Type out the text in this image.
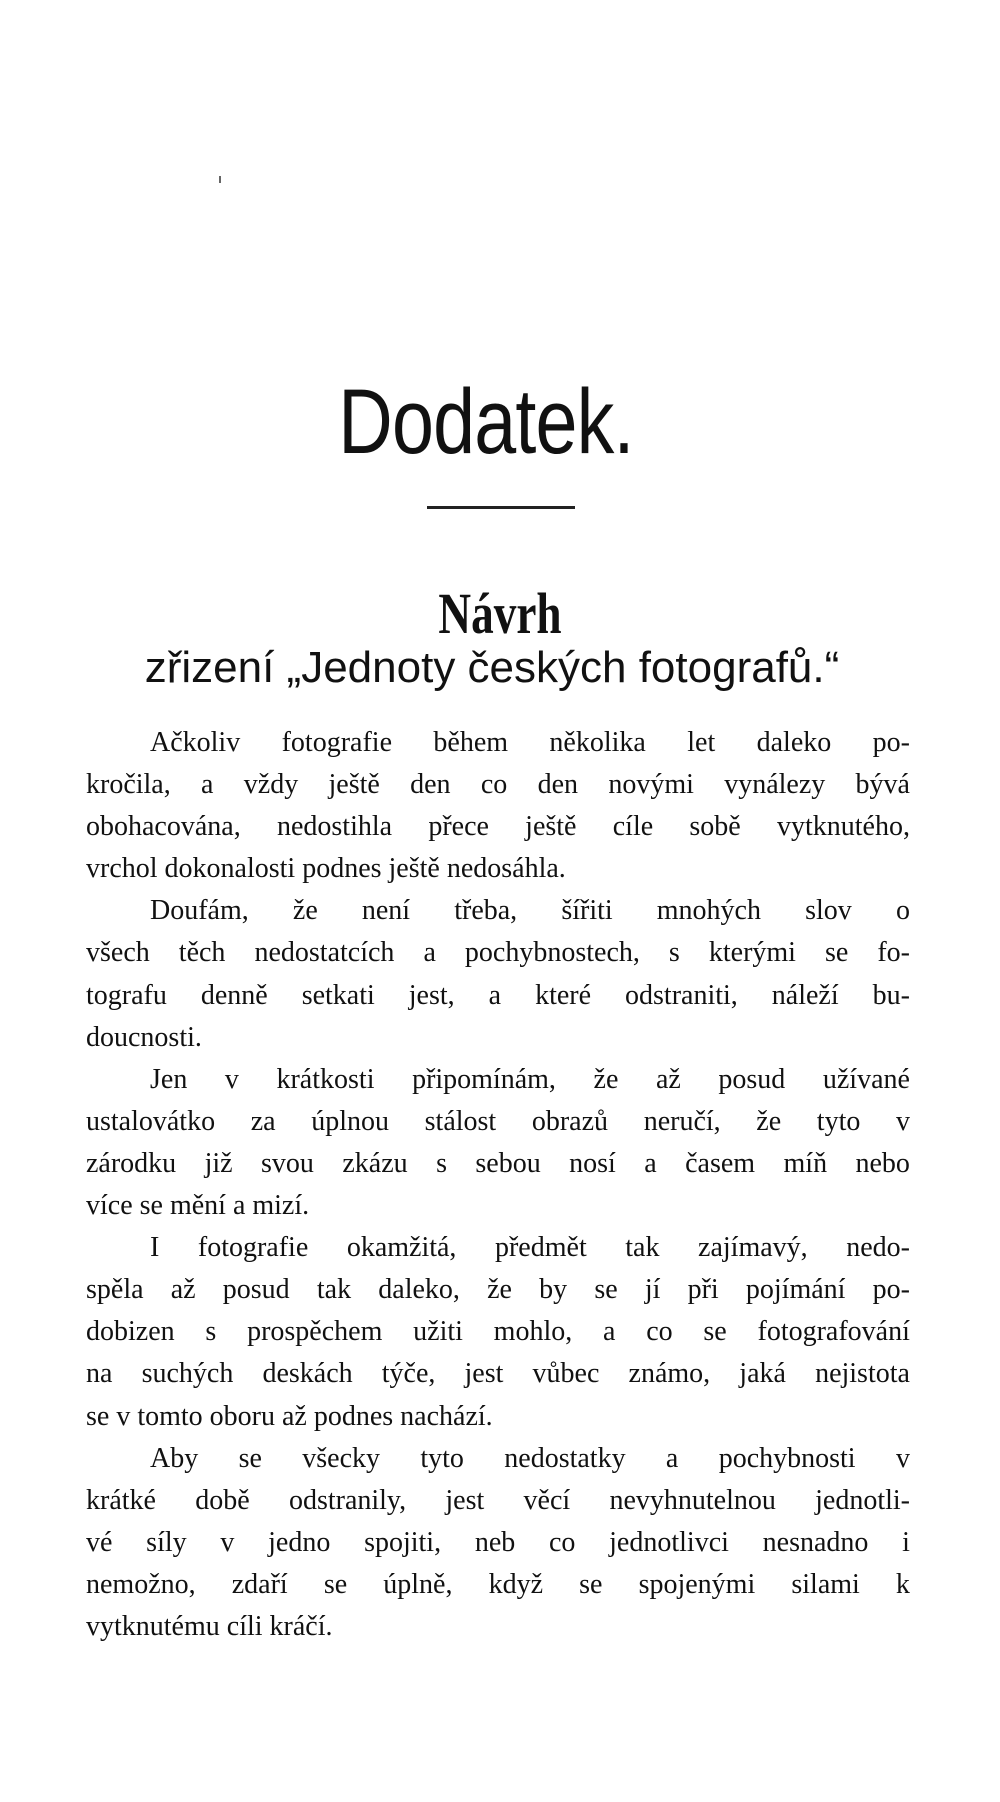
Dodatek.
Návrh
zřizení „Jednoty českých fotografů.“

Ačkoliv fotografie během několika let daleko po-
kročila, a vždy ještě den co den novými vynálezy bývá
obohacována, nedostihla přece ještě cíle sobě vytknutého,
vrchol dokonalosti podnes ještě nedosáhla.

Doufám, že není třeba, šířiti mnohých slov o
všech těch nedostatcích a pochybnostech, s kterými se fo-
tografu denně setkati jest, a které odstraniti, náleží bu-
doucnosti.

Jen v krátkosti připomínám, že až posud užívané
ustalovátko za úplnou stálost obrazů neručí, že tyto v
zárodku již svou zkázu s sebou nosí a časem míň nebo
více se mění a mizí.

I fotografie okamžitá, předmět tak zajímavý, nedo-
spěla až posud tak daleko, že by se jí při pojímání po-
dobizen s prospěchem užiti mohlo, a co se fotografování
na suchých deskách týče, jest vůbec známo, jaká nejistota
se v tomto oboru až podnes nachází.

Aby se všecky tyto nedostatky a pochybnosti v
krátké době odstranily, jest věcí nevyhnutelnou jednotli-
vé síly v jedno spojiti, neb co jednotlivci nesnadno i
nemožno, zdaří se úplně, když se spojenými silami k
vytknutému cíli kráčí.
